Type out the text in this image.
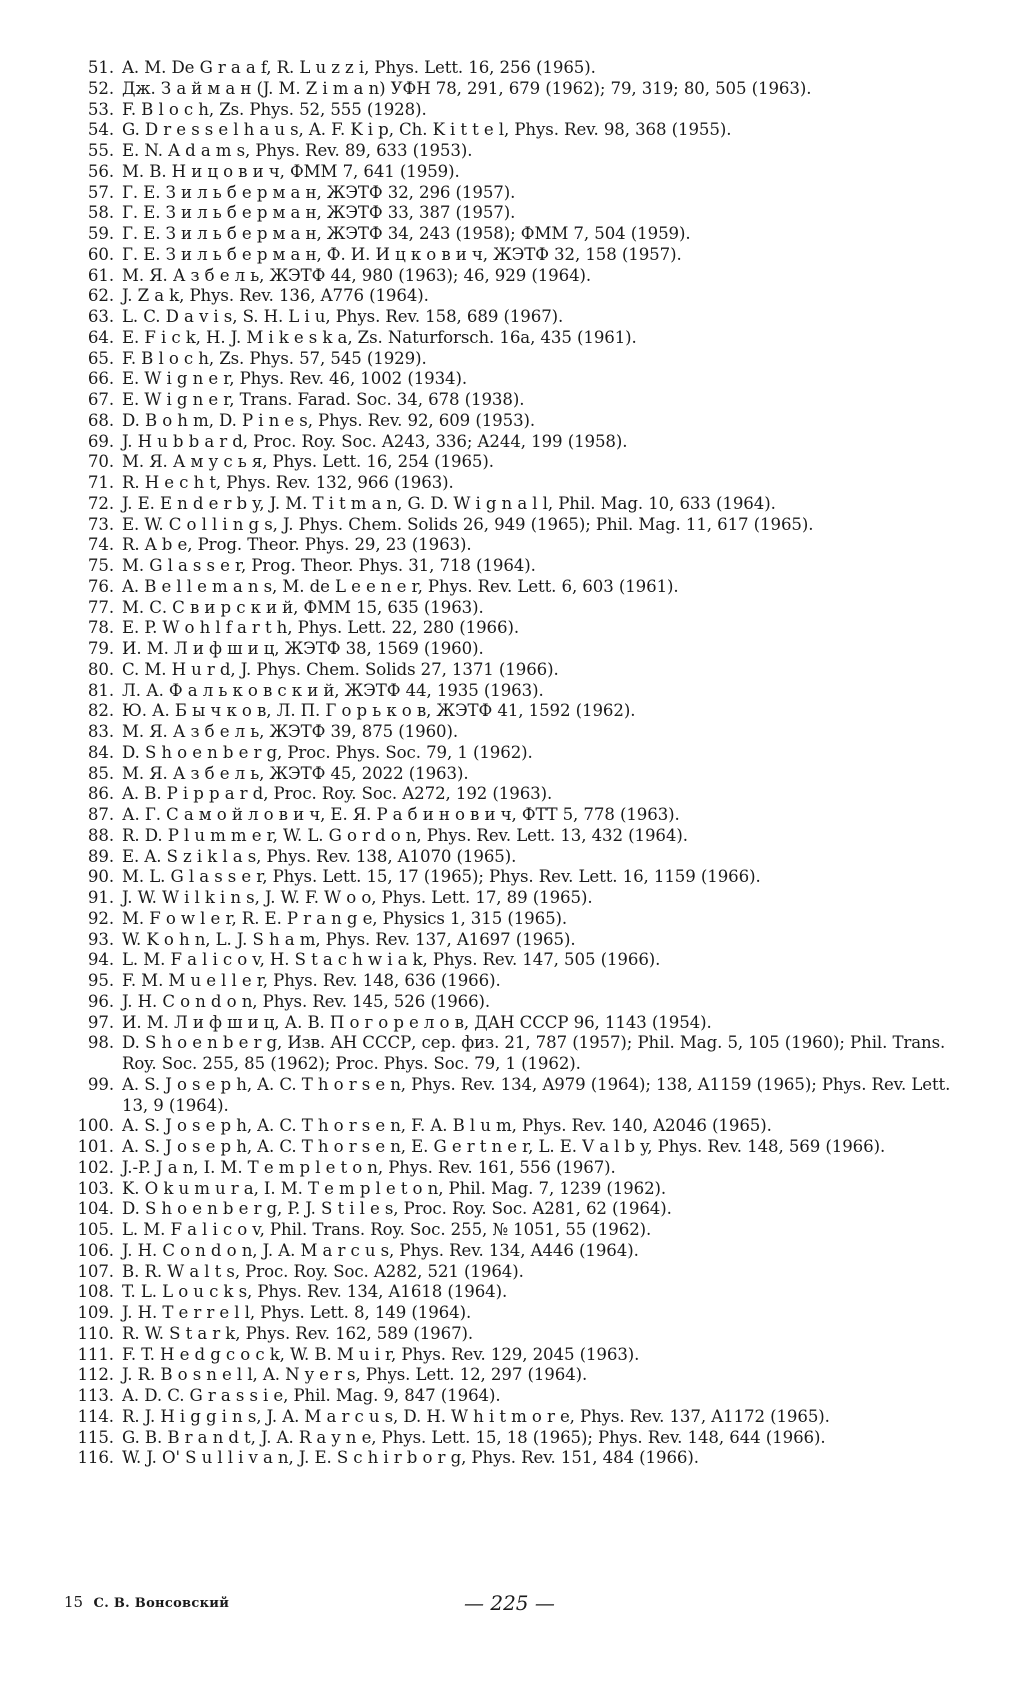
51. A. M. De G r a a f, R. L u z z i, Phys. Lett. 16, 256 (1965).
52. Дж. З а й м а н (J. M. Z i m a n) УФН 78, 291, 679 (1962); 79, 319; 80, 505 (1963).
53. F. B l o c h, Zs. Phys. 52, 555 (1928).
54. G. D r e s s e l h a u s, A. F. K i p, Ch. K i t t e l, Phys. Rev. 98, 368 (1955).
55. E. N. A d a m s, Phys. Rev. 89, 633 (1953).
56. M. B. Н и ц о в и ч, ФММ 7, 641 (1959).
57. Г. Е. З и л ь б е р м а н, ЖЭТФ 32, 296 (1957).
58. Г. Е. З и л ь б е р м а н, ЖЭТФ 33, 387 (1957).
59. Г. Е. З и л ь б е р м а н, ЖЭТФ 34, 243 (1958); ФММ 7, 504 (1959).
60. Г. Е. З и л ь б е р м а н, Ф. И. И ц к о в и ч, ЖЭТФ 32, 158 (1957).
61. М. Я. А з б е л ь, ЖЭТФ 44, 980 (1963); 46, 929 (1964).
62. J. Z a k, Phys. Rev. 136, A776 (1964).
63. L. C. D a v i s, S. H. L i u, Phys. Rev. 158, 689 (1967).
64. E. F i c k, H. J. M i k e s k a, Zs. Naturforsch. 16a, 435 (1961).
65. F. B l o c h, Zs. Phys. 57, 545 (1929).
66. E. W i g n e r, Phys. Rev. 46, 1002 (1934).
67. E. W i g n e r, Trans. Farad. Soc. 34, 678 (1938).
68. D. B o h m, D. P i n e s, Phys. Rev. 92, 609 (1953).
69. J. H u b b a r d, Proc. Roy. Soc. A243, 336; A244, 199 (1958).
70. М. Я. А м у с ь я, Phys. Lett. 16, 254 (1965).
71. R. H e c h t, Phys. Rev. 132, 966 (1963).
72. J. E. E n d e r b y, J. M. T i t m a n, G. D. W i g n a l l, Phil. Mag. 10, 633 (1964).
73. E. W. C o l l i n g s, J. Phys. Chem. Solids 26, 949 (1965); Phil. Mag. 11, 617 (1965).
74. R. A b e, Prog. Theor. Phys. 29, 23 (1963).
75. M. G l a s s e r, Prog. Theor. Phys. 31, 718 (1964).
76. A. B e l l e m a n s, M. de L e e n e r, Phys. Rev. Lett. 6, 603 (1961).
77. М. С. С в и р с к и й, ФММ 15, 635 (1963).
78. E. P. W o h l f a r t h, Phys. Lett. 22, 280 (1966).
79. И. М. Л и ф ш и ц, ЖЭТФ 38, 1569 (1960).
80. C. M. H u r d, J. Phys. Chem. Solids 27, 1371 (1966).
81. Л. А. Ф а л ь к о в с к и й, ЖЭТФ 44, 1935 (1963).
82. Ю. А. Б ы ч к о в, Л. П. Г о р ь к о в, ЖЭТФ 41, 1592 (1962).
83. М. Я. А з б е л ь, ЖЭТФ 39, 875 (1960).
84. D. S h o e n b e r g, Proc. Phys. Soc. 79, 1 (1962).
85. М. Я. А з б е л ь, ЖЭТФ 45, 2022 (1963).
86. A. B. P i p p a r d, Proc. Roy. Soc. A272, 192 (1963).
87. А. Г. С а м о й л о в и ч, Е. Я. Р а б и н о в и ч, ФТТ 5, 778 (1963).
88. R. D. P l u m m e r, W. L. G o r d o n, Phys. Rev. Lett. 13, 432 (1964).
89. E. A. S z i k l a s, Phys. Rev. 138, A1070 (1965).
90. M. L. G l a s s e r, Phys. Lett. 15, 17 (1965); Phys. Rev. Lett. 16, 1159 (1966).
91. J. W. W i l k i n s, J. W. F. W o o, Phys. Lett. 17, 89 (1965).
92. M. F o w l e r, R. E. P r a n g e, Physics 1, 315 (1965).
93. W. K o h n, L. J. S h a m, Phys. Rev. 137, A1697 (1965).
94. L. M. F a l i c o v, H. S t a c h w i a k, Phys. Rev. 147, 505 (1966).
95. F. M. M u e l l e r, Phys. Rev. 148, 636 (1966).
96. J. H. C o n d o n, Phys. Rev. 145, 526 (1966).
97. И. М. Л и ф ш и ц, А. В. П о г о р е л о в, ДАН СССР 96, 1143 (1954).
98. D. S h o e n b e r g, Изв. АН СССР, сер. физ. 21, 787 (1957); Phil. Mag. 5, 105 (1960); Phil. Trans. Roy. Soc. 255, 85 (1962); Proc. Phys. Soc. 79, 1 (1962).
99. A. S. J o s e p h, A. C. T h o r s e n, Phys. Rev. 134, A979 (1964); 138, A1159 (1965); Phys. Rev. Lett. 13, 9 (1964).
100. A. S. J o s e p h, A. C. T h o r s e n, F. A. B l u m, Phys. Rev. 140, A2046 (1965).
101. A. S. J o s e p h, A. C. T h o r s e n, E. G e r t n e r, L. E. V a l b y, Phys. Rev. 148, 569 (1966).
102. J.-P. J a n, I. M. T e m p l e t o n, Phys. Rev. 161, 556 (1967).
103. K. O k u m u r a, I. M. T e m p l e t o n, Phil. Mag. 7, 1239 (1962).
104. D. S h o e n b e r g, P. J. S t i l e s, Proc. Roy. Soc. A281, 62 (1964).
105. L. M. F a l i c o v, Phil. Trans. Roy. Soc. 255, № 1051, 55 (1962).
106. J. H. C o n d o n, J. A. M a r c u s, Phys. Rev. 134, A446 (1964).
107. B. R. W a l t s, Proc. Roy. Soc. A282, 521 (1964).
108. T. L. L o u c k s, Phys. Rev. 134, A1618 (1964).
109. J. H. T e r r e l l, Phys. Lett. 8, 149 (1964).
110. R. W. S t a r k, Phys. Rev. 162, 589 (1967).
111. F. T. H e d g c o c k, W. B. M u i r, Phys. Rev. 129, 2045 (1963).
112. J. R. B o s n e l l, A. N y e r s, Phys. Lett. 12, 297 (1964).
113. A. D. C. G r a s s i e, Phil. Mag. 9, 847 (1964).
114. R. J. H i g g i n s, J. A. M a r c u s, D. H. W h i t m o r e, Phys. Rev. 137, A1172 (1965).
115. G. B. B r a n d t, J. A. R a y n e, Phys. Lett. 15, 18 (1965); Phys. Rev. 148, 644 (1966).
116. W. J. O' S u l l i v a n, J. E. S c h i r b o r g, Phys. Rev. 151, 484 (1966).
15 С. В. Вонсовский	— 225 —
